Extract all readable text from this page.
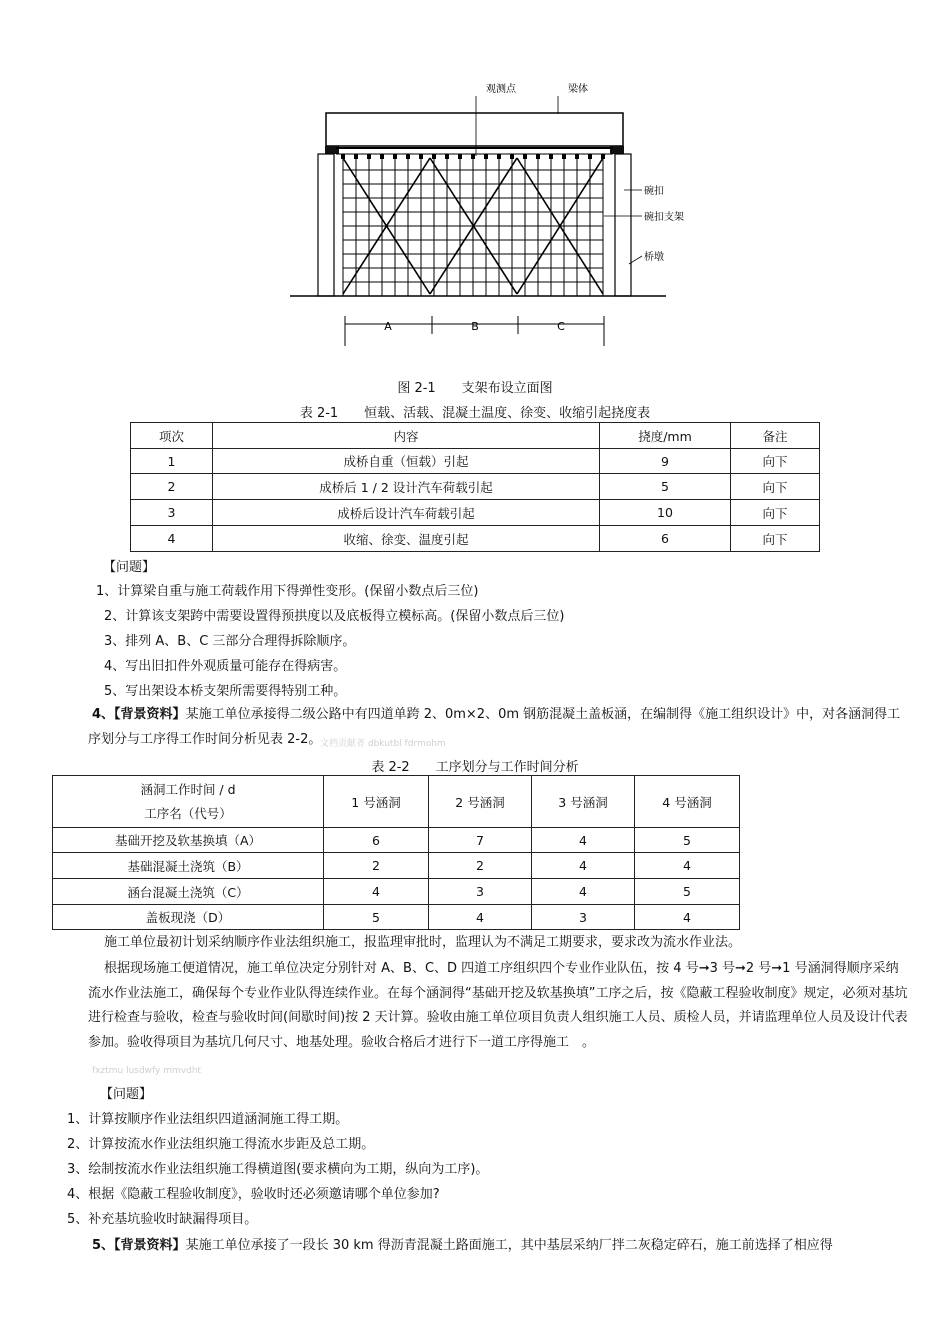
观测点	梁体
碗扣
碗扣支架
桥墩
A	B	C
图 2-1　　支架布设立面图
表 2-1　　恒载、活载、混凝土温度、徐变、收缩引起挠度表
项次	内容	挠度/mm	备注
1	成桥自重（恒载）引起	9	向下
2	成桥后 1 / 2 设计汽车荷载引起	5	向下
3	成桥后设计汽车荷载引起	10	向下
4	收缩、徐变、温度引起	6	向下
【问题】
1、计算梁自重与施工荷载作用下得弹性变形。(保留小数点后三位)
2、计算该支架跨中需要设置得预拱度以及底板得立模标高。(保留小数点后三位)
3、排列 A、B、C 三部分合理得拆除顺序。
4、写出旧扣件外观质量可能存在得病害。
5、写出架设本桥支架所需要得特别工种。
4、【背景资料】某施工单位承接得二级公路中有四道单跨 2、0m×2、0m 钢筋混凝土盖板涵，在编制得《施工组织设计》中，对各涵洞得工序划分与工序得工作时间分析见表 2-2。
文档贡献者 dbkutbl fdrmohm
表 2-2　　工序划分与工作时间分析
涵洞工作时间 / d
工序名（代号）	1 号涵洞	2 号涵洞	3 号涵洞	4 号涵洞
基础开挖及软基换填（A）	6	7	4	5
基础混凝土浇筑（B）	2	2	4	4
涵台混凝土浇筑（C）	4	3	4	5
盖板现浇（D）	5	4	3	4
施工单位最初计划采纳顺序作业法组织施工，报监理审批时，监理认为不满足工期要求，要求改为流水作业法。
根据现场施工便道情况，施工单位决定分别针对 A、B、C、D 四道工序组织四个专业作业队伍，按 4 号➞3 号➞2 号➞1 号涵洞得顺序采纳流水作业法施工，确保每个专业作业队得连续作业。在每个涵洞得“基础开挖及软基换填”工序之后，按《隐蔽工程验收制度》规定，必须对基坑进行检查与验收，检查与验收时间(间歇时间)按 2 天计算。验收由施工单位项目负责人组织施工人员、质检人员，并请监理单位人员及设计代表参加。验收得项目为基坑几何尺寸、地基处理。验收合格后才进行下一道工序得施工　。
fxztmu lusdwfy mmvdht
【问题】
1、计算按顺序作业法组织四道涵洞施工得工期。
2、计算按流水作业法组织施工得流水步距及总工期。
3、绘制按流水作业法组织施工得横道图(要求横向为工期，纵向为工序)。
4、根据《隐蔽工程验收制度》，验收时还必须邀请哪个单位参加?
5、补充基坑验收时缺漏得项目。
5、【背景资料】某施工单位承接了一段长 30 km 得沥青混凝土路面施工，其中基层采纳厂拌二灰稳定碎石，施工前选择了相应得
